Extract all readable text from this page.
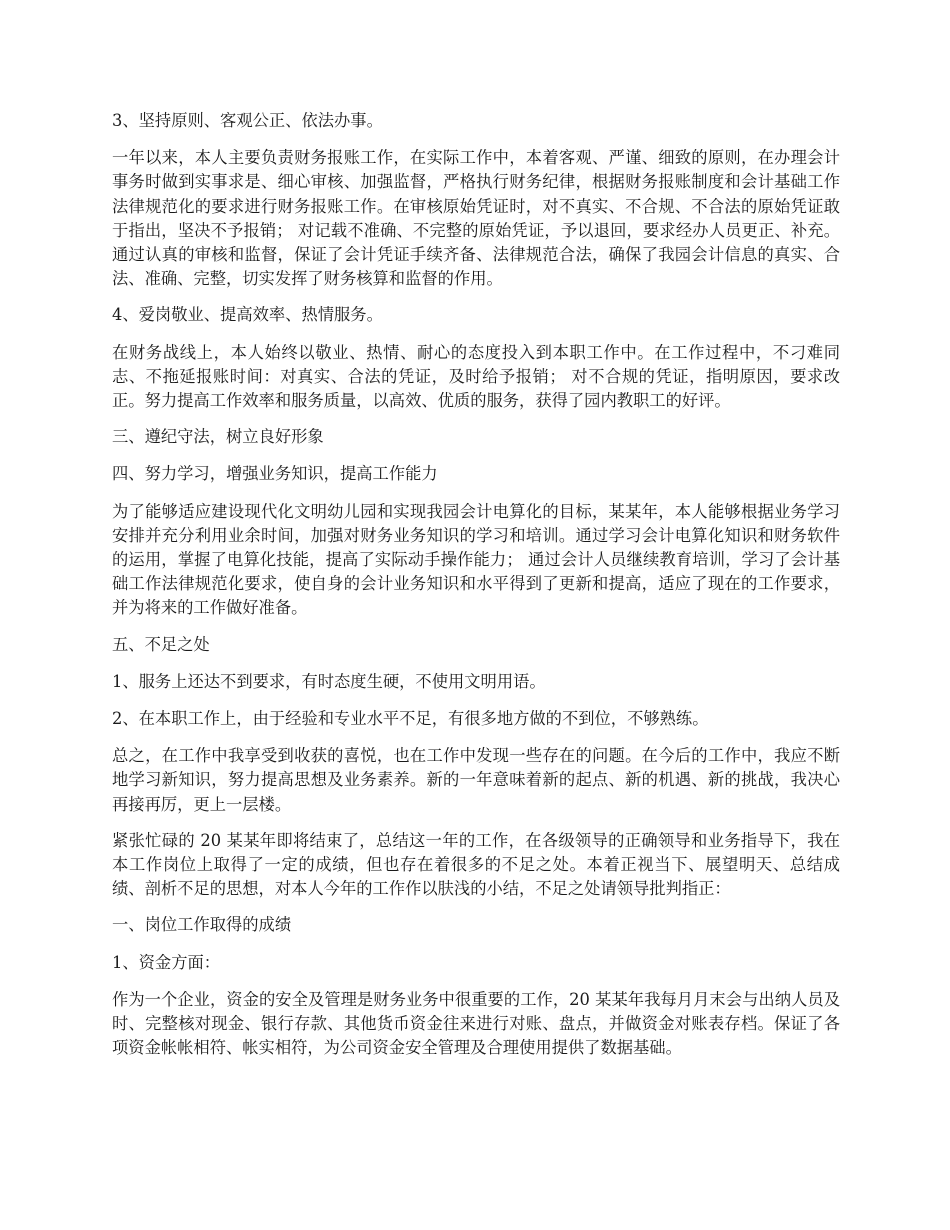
3、坚持原则、客观公正、依法办事。

一年以来，本人主要负责财务报账工作，在实际工作中，本着客观、严谨、细致的原则，在办理会计事务时做到实事求是、细心审核、加强监督，严格执行财务纪律，根据财务报账制度和会计基础工作法律规范化的要求进行财务报账工作。在审核原始凭证时，对不真实、不合规、不合法的原始凭证敢于指出，坚决不予报销； 对记载不准确、不完整的原始凭证，予以退回，要求经办人员更正、补充。通过认真的审核和监督，保证了会计凭证手续齐备、法律规范合法，确保了我园会计信息的真实、合法、准确、完整，切实发挥了财务核算和监督的作用。

4、爱岗敬业、提高效率、热情服务。

在财务战线上，本人始终以敬业、热情、耐心的态度投入到本职工作中。在工作过程中，不刁难同志、不拖延报账时间：对真实、合法的凭证，及时给予报销； 对不合规的凭证，指明原因，要求改正。努力提高工作效率和服务质量，以高效、优质的服务，获得了园内教职工的好评。

三、遵纪守法，树立良好形象

四、努力学习，增强业务知识，提高工作能力

为了能够适应建设现代化文明幼儿园和实现我园会计电算化的目标，某某年，本人能够根据业务学习安排并充分利用业余时间，加强对财务业务知识的学习和培训。通过学习会计电算化知识和财务软件的运用，掌握了电算化技能，提高了实际动手操作能力； 通过会计人员继续教育培训，学习了会计基础工作法律规范化要求，使自身的会计业务知识和水平得到了更新和提高，适应了现在的工作要求，并为将来的工作做好准备。

五、不足之处

1、服务上还达不到要求，有时态度生硬，不使用文明用语。

2、在本职工作上，由于经验和专业水平不足，有很多地方做的不到位，不够熟练。

总之，在工作中我享受到收获的喜悦，也在工作中发现一些存在的问题。在今后的工作中，我应不断地学习新知识，努力提高思想及业务素养。新的一年意味着新的起点、新的机遇、新的挑战，我决心再接再厉，更上一层楼。

紧张忙碌的 20 某某年即将结束了，总结这一年的工作，在各级领导的正确领导和业务指导下，我在本工作岗位上取得了一定的成绩，但也存在着很多的不足之处。本着正视当下、展望明天、总结成绩、剖析不足的思想，对本人今年的工作作以肤浅的小结，不足之处请领导批判指正：

一、岗位工作取得的成绩

1、资金方面：

作为一个企业，资金的安全及管理是财务业务中很重要的工作，20 某某年我每月月末会与出纳人员及时、完整核对现金、银行存款、其他货币资金往来进行对账、盘点，并做资金对账表存档。保证了各项资金帐帐相符、帐实相符，为公司资金安全管理及合理使用提供了数据基础。
